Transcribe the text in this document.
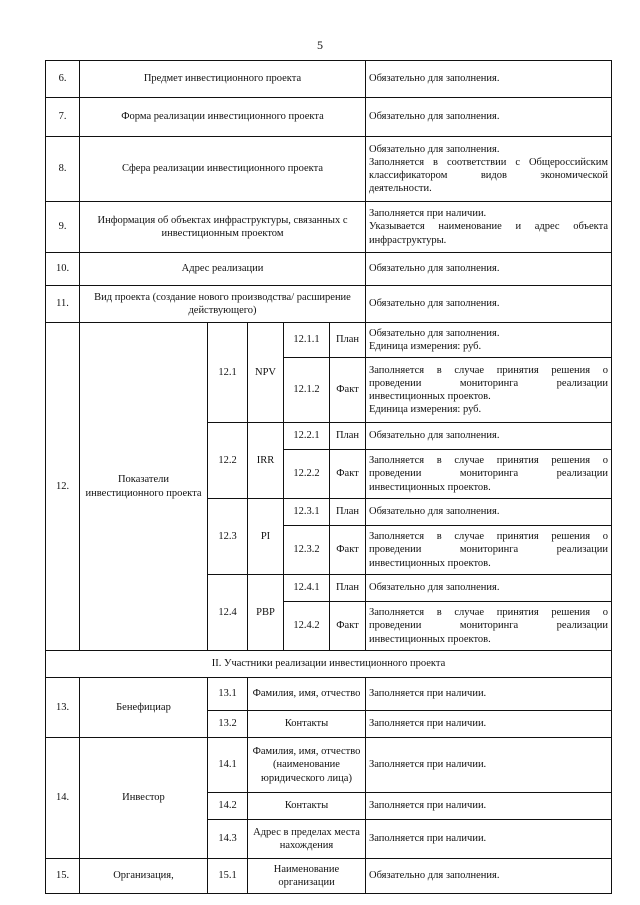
5
6.	Предмет инвестиционного проекта					Обязательно для заполнения.

7.	Форма реализации инвестиционного проекта					Обязательно для заполнения.

8.	Сфера реализации инвестиционного проекта					Обязательно для заполнения.
Заполняется в соответствии с Общероссийским классификатором видов экономической деятельности.

9.	Информация об объектах инфраструктуры, связанных с инвестиционным проектом					Заполняется при наличии.
Указывается наименование и адрес объекта инфраструктуры.

10.	Адрес реализации					Обязательно для заполнения.

11.	Вид проекта (создание нового производства/ расширение действующего)					Обязательно для заполнения.

12.	Показатели инвестиционного проекта	12.1	NPV	12.1.1	План	Обязательно для заполнения.
Единица измерения: руб.

				12.1.2	Факт	Заполняется в случае принятия решения о проведении мониторинга реализации инвестиционных проектов.
Единица измерения: руб.

		12.2	IRR	12.2.1	План	Обязательно для заполнения.

				12.2.2	Факт	Заполняется в случае принятия решения о проведении мониторинга реализации инвестиционных проектов.

		12.3	PI	12.3.1	План	Обязательно для заполнения.

				12.3.2	Факт	Заполняется в случае принятия решения о проведении мониторинга реализации инвестиционных проектов.

		12.4	PBP	12.4.1	План	Обязательно для заполнения.

				12.4.2	Факт	Заполняется в случае принятия решения о проведении мониторинга реализации инвестиционных проектов.

II. Участники реализации инвестиционного проекта						

13.	Бенефициар	13.1	Фамилия, имя, отчество			Заполняется при наличии.

		13.2	Контакты			Заполняется при наличии.

14.	Инвестор	14.1	Фамилия, имя, отчество (наименование юридического лица)			Заполняется при наличии.

		14.2	Контакты			Заполняется при наличии.

		14.3	Адрес в пределах места нахождения			Заполняется при наличии.

15.	Организация,	15.1	Наименование организации			Обязательно для заполнения.
